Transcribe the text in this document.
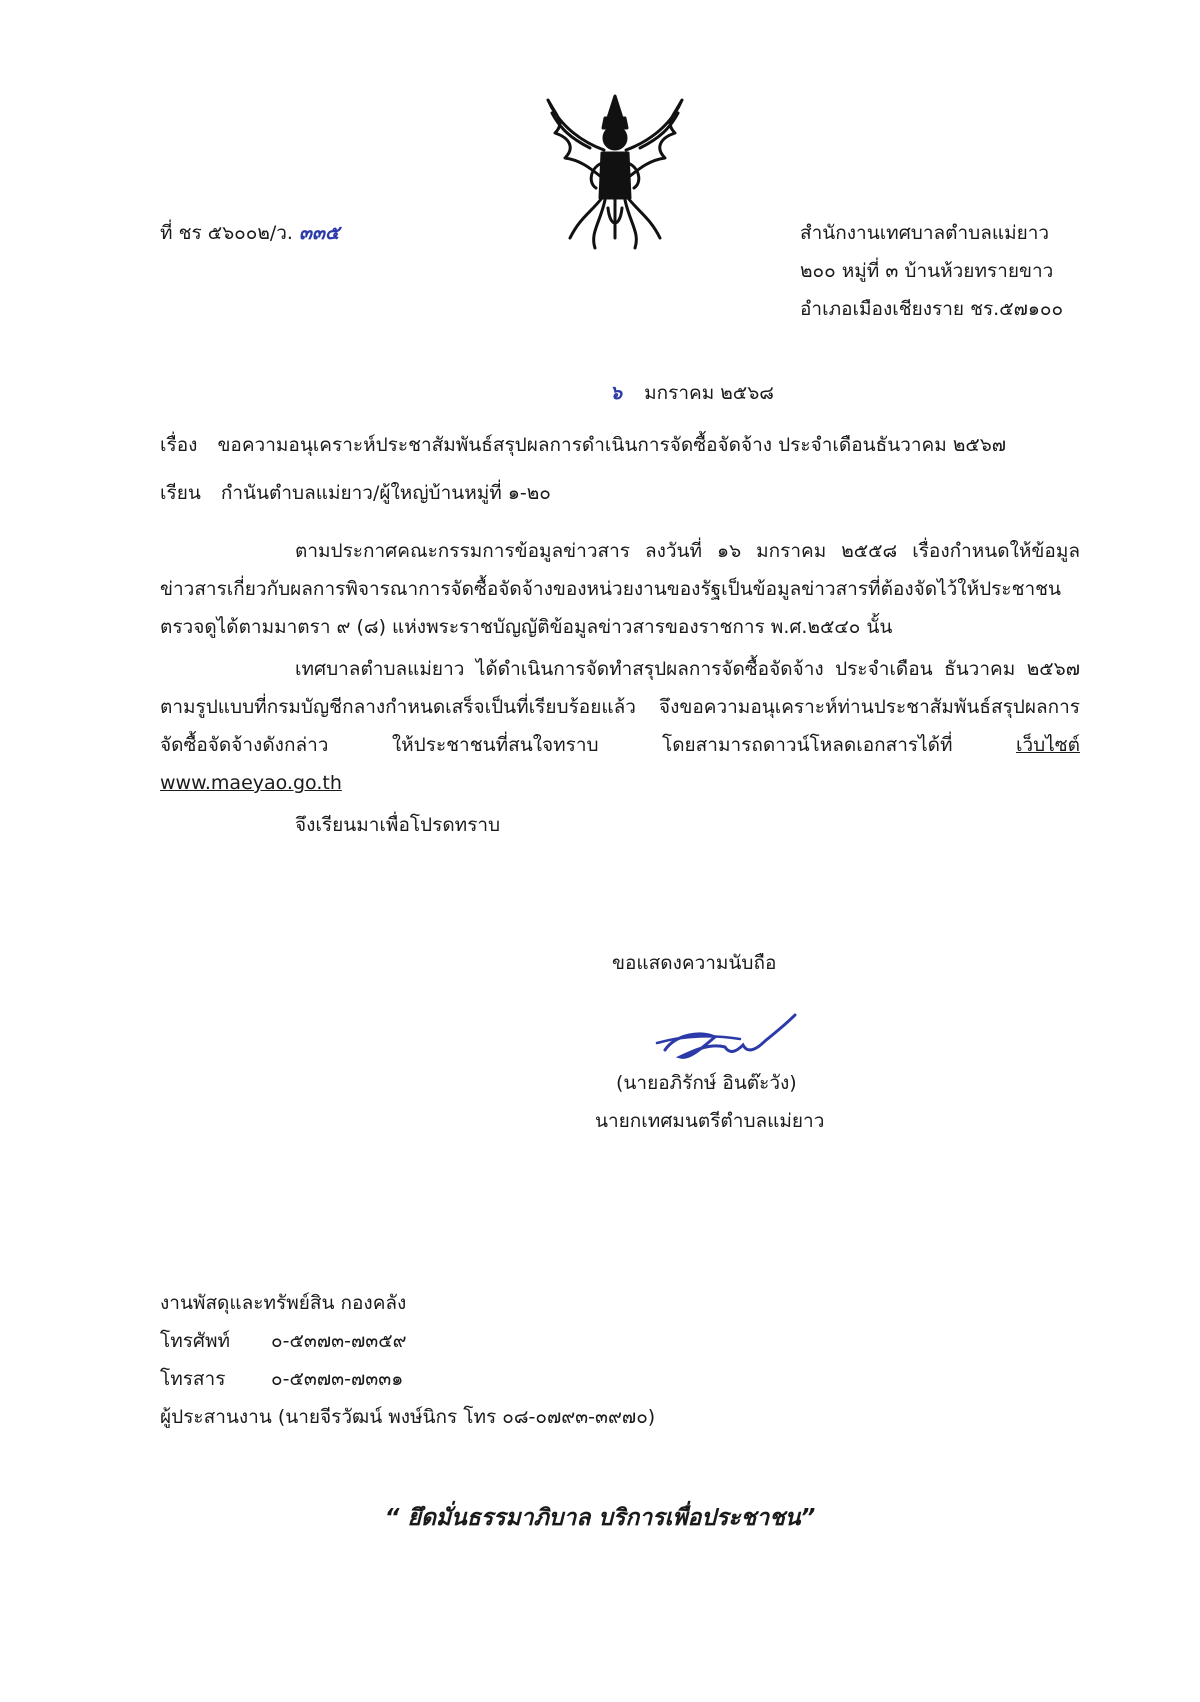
ที่ ชร ๕๖๐๐๒/ว. ๓๓๕	สำนักงานเทศบาลตำบลแม่ยาว
๒๐๐ หมู่ที่ ๓ บ้านห้วยทรายขาว
อำเภอเมืองเชียงราย ชร.๕๗๑๐๐
๖ มกราคม ๒๕๖๘
เรื่อง ขอความอนุเคราะห์ประชาสัมพันธ์สรุปผลการดำเนินการจัดซื้อจัดจ้าง ประจำเดือนธันวาคม ๒๕๖๗
เรียน กำนันตำบลแม่ยาว/ผู้ใหญ่บ้านหมู่ที่ ๑-๒๐
ตามประกาศคณะกรรมการข้อมูลข่าวสาร ลงวันที่ ๑๖ มกราคม ๒๕๕๘ เรื่องกำหนดให้ข้อมูลข่าวสารเกี่ยวกับผลการพิจารณาการจัดซื้อจัดจ้างของหน่วยงานของรัฐเป็นข้อมูลข่าวสารที่ต้องจัดไว้ให้ประชาชนตรวจดูได้ตามมาตรา ๙ (๘) แห่งพระราชบัญญัติข้อมูลข่าวสารของราชการ พ.ศ.๒๕๔๐ นั้น
เทศบาลตำบลแม่ยาว ได้ดำเนินการจัดทำสรุปผลการจัดซื้อจัดจ้าง ประจำเดือน ธันวาคม ๒๕๖๗ ตามรูปแบบที่กรมบัญชีกลางกำหนดเสร็จเป็นที่เรียบร้อยแล้ว จึงขอความอนุเคราะห์ท่านประชาสัมพันธ์สรุปผลการจัดซื้อจัดจ้างดังกล่าว ให้ประชาชนที่สนใจทราบ โดยสามารถดาวน์โหลดเอกสารได้ที่	เว็บไซต์ www.maeyao.go.th
จึงเรียนมาเพื่อโปรดทราบ
ขอแสดงความนับถือ
(นายอภิรักษ์ อินต๊ะวัง)
นายกเทศมนตรีตำบลแม่ยาว
งานพัสดุและทรัพย์สิน กองคลัง
โทรศัพท์ ๐-๕๓๗๓-๗๓๕๙
โทรสาร ๐-๕๓๗๓-๗๓๓๑
ผู้ประสานงาน (นายจีรวัฒน์ พงษ์นิกร โทร ๐๘-๐๗๙๓-๓๙๗๐)
“ ยึดมั่นธรรมาภิบาล บริการเพื่อประชาชน”
